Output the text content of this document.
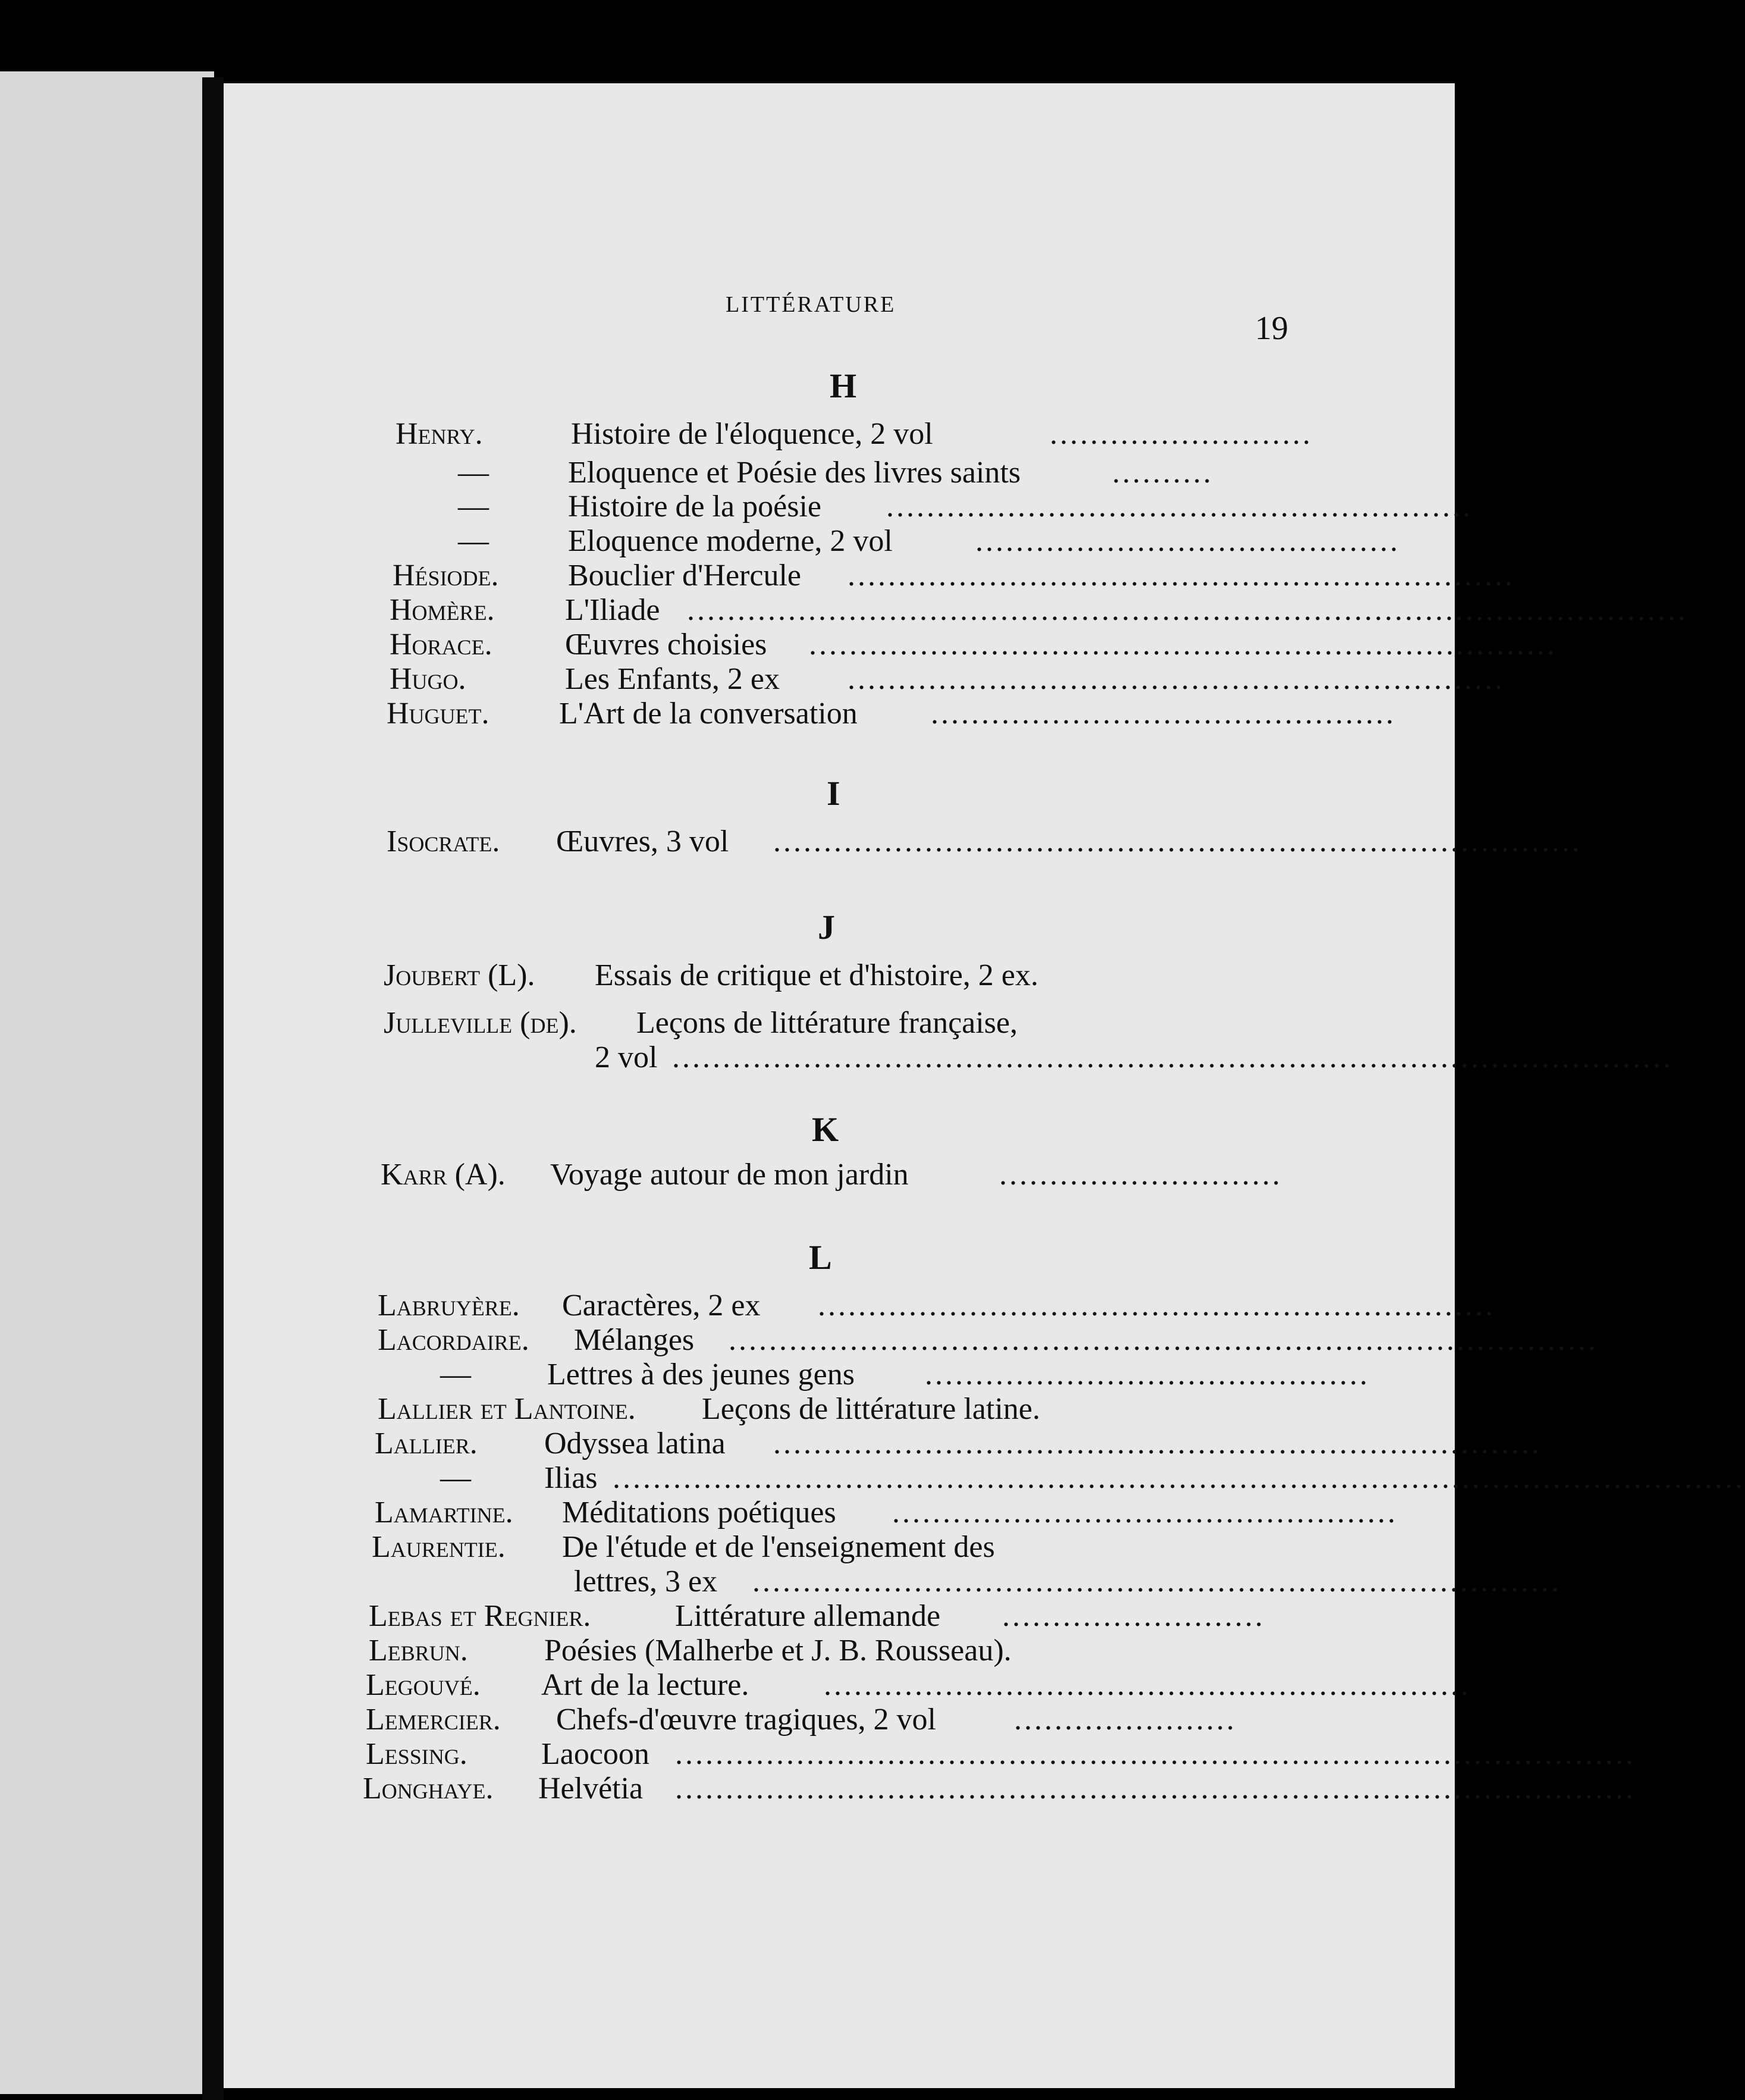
LITTÉRATURE
19
H
Henry.	Histoire de l'éloquence, 2 vol	..........................
—	Eloquence et Poésie des livres saints	..........
—	Histoire de la poésie ..........................................................
—	Eloquence moderne, 2 vol	..........................................
Hésiode. Bouclier d'Hercule ..................................................................
Homère. L'Iliade ...................................................................................................
Horace. Œuvres choisies ..........................................................................
Hugo.	Les Enfants, 2 ex .................................................................
Huguet. L'Art de la conversation ..............................................
I
Isocrate. Œuvres, 3 vol ................................................................................
J
Joubert (L). Essais de critique et d'histoire, 2 ex.
Julleville (de). Leçons de littérature française,
2 vol ...................................................................................................
K
Karr (A). Voyage autour de mon jardin	............................
L
Labruyère. Caractères, 2 ex ...................................................................
Lacordaire. Mélanges ......................................................................................
— Lettres à des jeunes gens ............................................
Lallier et Lantoine. Leçons de littérature latine.
Lallier. Odyssea latina ............................................................................
— Ilias ................................................................................................................
Lamartine. Méditations poétiques ..................................................
Laurentie. De l'étude et de l'enseignement des
lettres, 3 ex ................................................................................
Lebas et Regnier.	Littérature allemande ..........................
Lebrun. Poésies (Malherbe et J. B. Rousseau).
Legouvé. Art de la lecture. ................................................................
Lemercier. Chefs-d'œuvre tragiques, 2 vol	......................
Lessing. Laocoon ...............................................................................................
Longhaye. Helvétia ...............................................................................................
